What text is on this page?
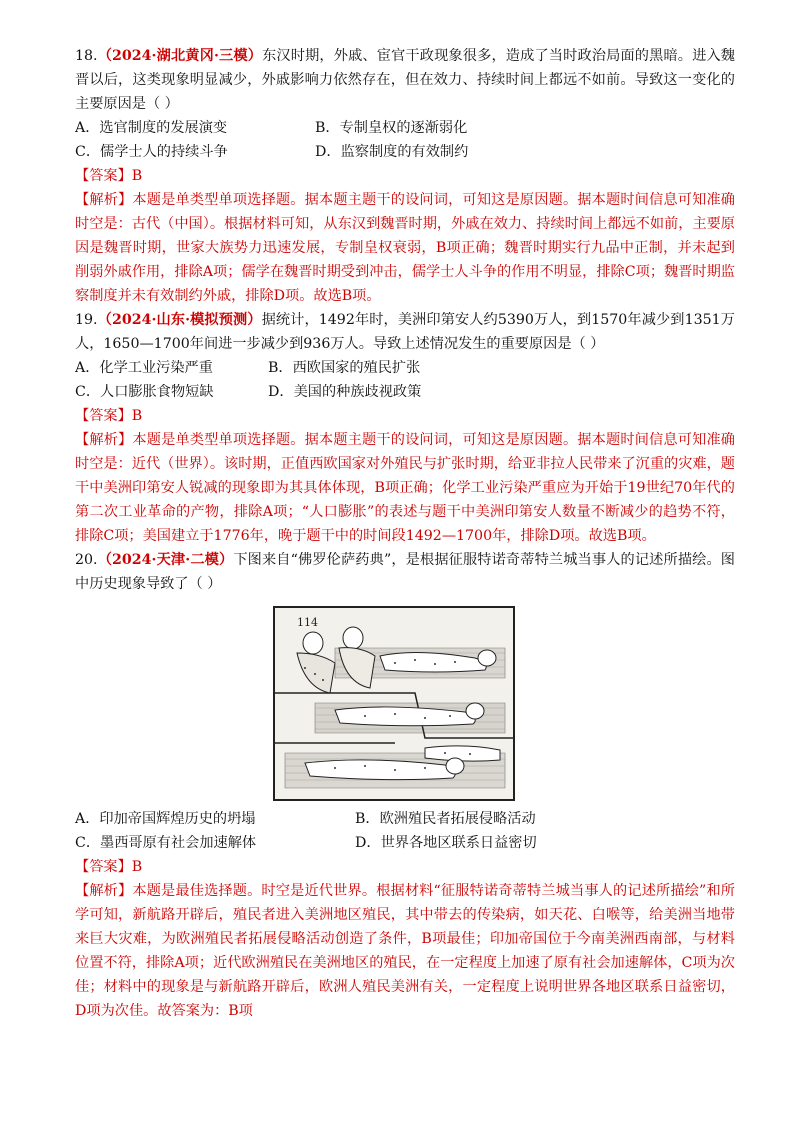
18.（2024·湖北黄冈·三模）东汉时期，外戚、宦官干政现象很多，造成了当时政治局面的黑暗。进入魏晋以后，这类现象明显减少，外戚影响力依然存在，但在效力、持续时间上都远不如前。导致这一变化的主要原因是（ ）

A．选官制度的发展演变	B．专制皇权的逐渐弱化
C．儒学士人的持续斗争	D．监察制度的有效制约

【答案】B

【解析】本题是单类型单项选择题。据本题主题干的设问词，可知这是原因题。据本题时间信息可知准确时空是：古代（中国）。根据材料可知，从东汉到魏晋时期，外戚在效力、持续时间上都远不如前，主要原因是魏晋时期，世家大族势力迅速发展，专制皇权衰弱，B项正确；魏晋时期实行九品中正制，并未起到削弱外戚作用，排除A项；儒学在魏晋时期受到冲击，儒学士人斗争的作用不明显，排除C项；魏晋时期监察制度并未有效制约外戚，排除D项。故选B项。

19.（2024·山东·模拟预测）据统计，1492年时，美洲印第安人约5390万人，到1570年减少到1351万人，1650—1700年间进一步减少到936万人。导致上述情况发生的重要原因是（ ）

A．化学工业污染严重	B．西欧国家的殖民扩张
C．人口膨胀食物短缺	D．美国的种族歧视政策

【答案】B

【解析】本题是单类型单项选择题。据本题主题干的设问词，可知这是原因题。据本题时间信息可知准确时空是：近代（世界）。该时期，正值西欧国家对外殖民与扩张时期，给亚非拉人民带来了沉重的灾难，题干中美洲印第安人锐减的现象即为其具体体现，B项正确；化学工业污染严重应为开始于19世纪70年代的第二次工业革命的产物，排除A项；“人口膨胀”的表述与题干中美洲印第安人数量不断减少的趋势不符，排除C项；美国建立于1776年，晚于题干中的时间段1492—1700年，排除D项。故选B项。

20.（2024·天津·二模）下图来自“佛罗伦萨药典”，是根据征服特诺奇蒂特兰城当事人的记述所描绘。图中历史现象导致了（ ）

114
A．印加帝国辉煌历史的坍塌	B．欧洲殖民者拓展侵略活动
C．墨西哥原有社会加速解体	D．世界各地区联系日益密切

【答案】B

【解析】本题是最佳选择题。时空是近代世界。根据材料“征服特诺奇蒂特兰城当事人的记述所描绘”和所学可知，新航路开辟后，殖民者进入美洲地区殖民，其中带去的传染病，如天花、白喉等，给美洲当地带来巨大灾难，为欧洲殖民者拓展侵略活动创造了条件，B项最佳；印加帝国位于今南美洲西南部，与材料位置不符，排除A项；近代欧洲殖民在美洲地区的殖民，在一定程度上加速了原有社会加速解体，C项为次佳；材料中的现象是与新航路开辟后，欧洲人殖民美洲有关，一定程度上说明世界各地区联系日益密切，D项为次佳。故答案为：B项
